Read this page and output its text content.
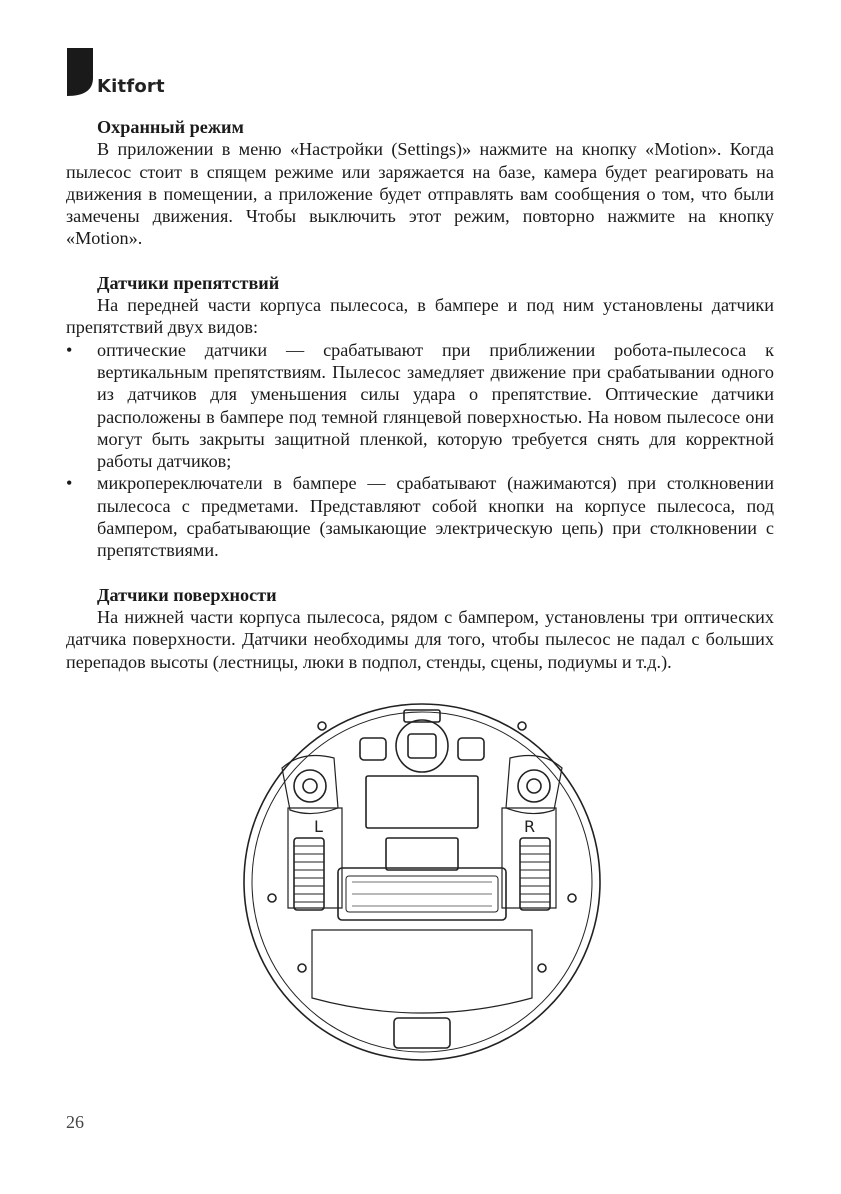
Kitfort

Охранный режим

В приложении в меню «Настройки (Settings)» нажмите на кнопку «Motion». Когда пылесос стоит в спящем режиме или заряжается на базе, камера будет реагировать на движения в помещении, а приложение будет отправлять вам сообщения о том, что были замечены движения. Чтобы выключить этот режим, повторно нажмите на кнопку «Motion».

Датчики препятствий

На передней части корпуса пылесоса, в бампере и под ним установлены датчики препятствий двух видов:

• оптические датчики — срабатывают при приближении робота-пылесоса к вертикальным препятствиям. Пылесос замедляет движение при срабатывании одного из датчиков для уменьшения силы удара о препятствие. Оптические датчики расположены в бампере под темной глянцевой поверхностью. На новом пылесосе они могут быть закрыты защитной пленкой, которую требуется снять для корректной работы датчиков;
• микропереключатели в бампере — срабатывают (нажимаются) при столкновении пылесоса с предметами. Представляют собой кнопки на корпусе пылесоса, под бампером, срабатывающие (замыкающие электрическую цепь) при столкновении с препятствиями.

Датчики поверхности

На нижней части корпуса пылесоса, рядом с бампером, установлены три оптических датчика поверхности. Датчики необходимы для того, чтобы пылесос не падал с больших перепадов высоты (лестницы, люки в подпол, стенды, сцены, подиумы и т.д.).

L	R
26
